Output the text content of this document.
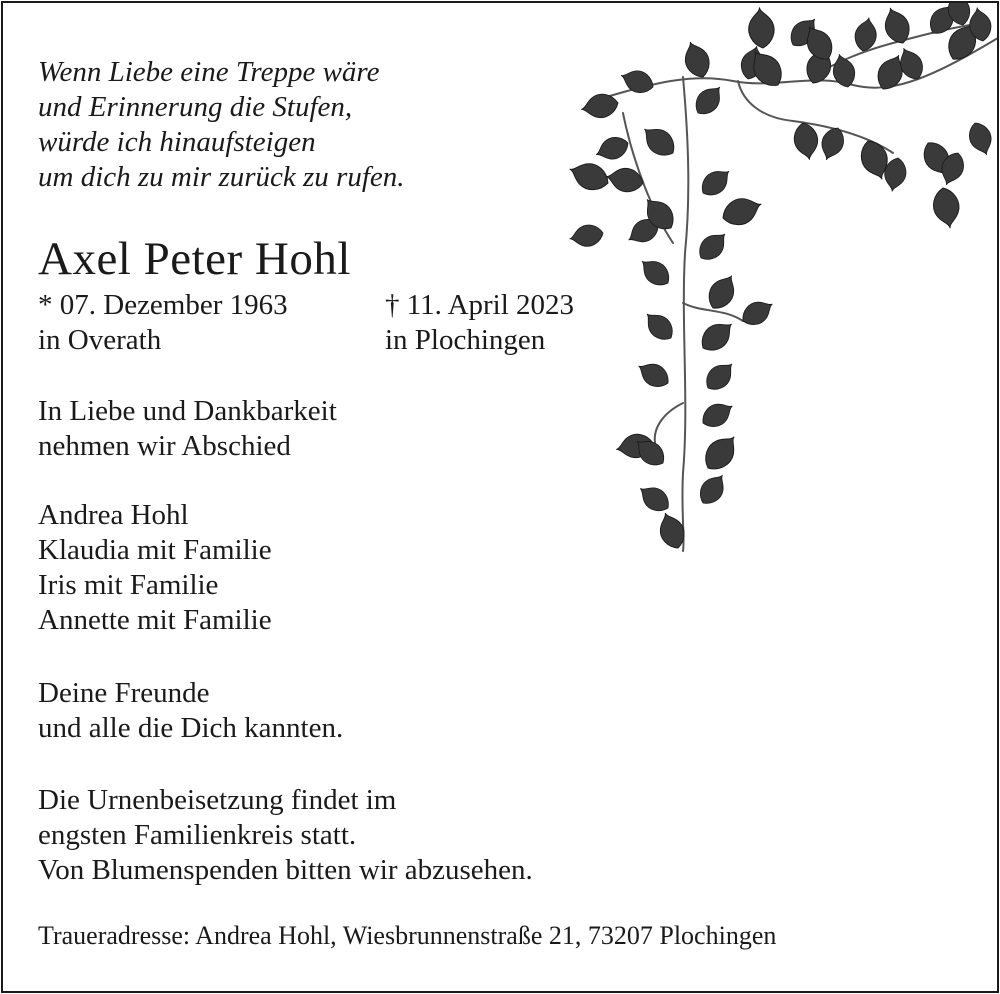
Wenn Liebe eine Treppe wäre
und Erinnerung die Stufen,
würde ich hinaufsteigen
um dich zu mir zurück zu rufen.
Axel Peter Hohl
* 07. Dezember 1963
in Overath
† 11. April 2023
in Plochingen
In Liebe und Dankbarkeit
nehmen wir Abschied
Andrea Hohl
Klaudia mit Familie
Iris mit Familie
Annette mit Familie
Deine Freunde
und alle die Dich kannten.
Die Urnenbeisetzung findet im
engsten Familienkreis statt.
Von Blumenspenden bitten wir abzusehen.
Traueradresse: Andrea Hohl, Wiesbrunnenstraße 21, 73207 Plochingen
